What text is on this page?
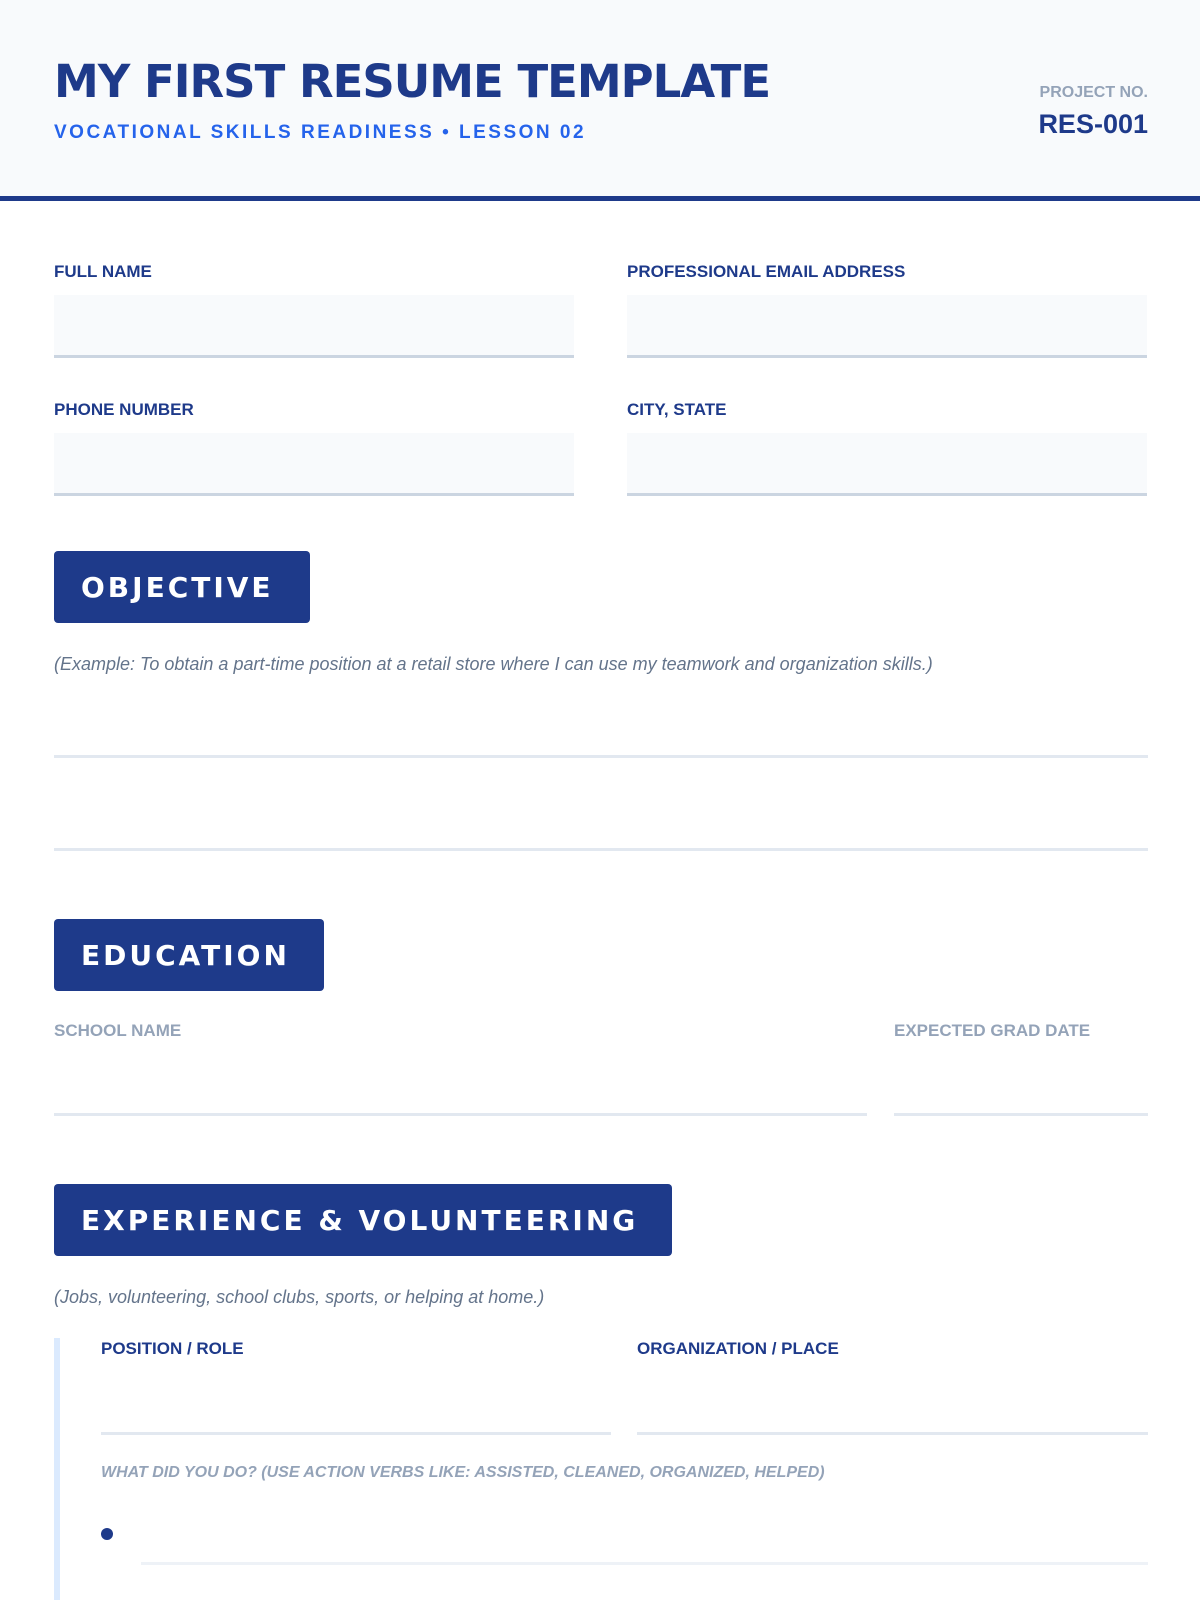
MY FIRST RESUME TEMPLATE
VOCATIONAL SKILLS READINESS • LESSON 02
PROJECT NO.
RES-001
FULL NAME	PROFESSIONAL EMAIL ADDRESS
PHONE NUMBER	CITY, STATE
OBJECTIVE
(Example: To obtain a part-time position at a retail store where I can use my teamwork and organization skills.)
EDUCATION
SCHOOL NAME	EXPECTED GRAD DATE
EXPERIENCE & VOLUNTEERING
(Jobs, volunteering, school clubs, sports, or helping at home.)
POSITION / ROLE	ORGANIZATION / PLACE
WHAT DID YOU DO? (USE ACTION VERBS LIKE: ASSISTED, CLEANED, ORGANIZED, HELPED)
